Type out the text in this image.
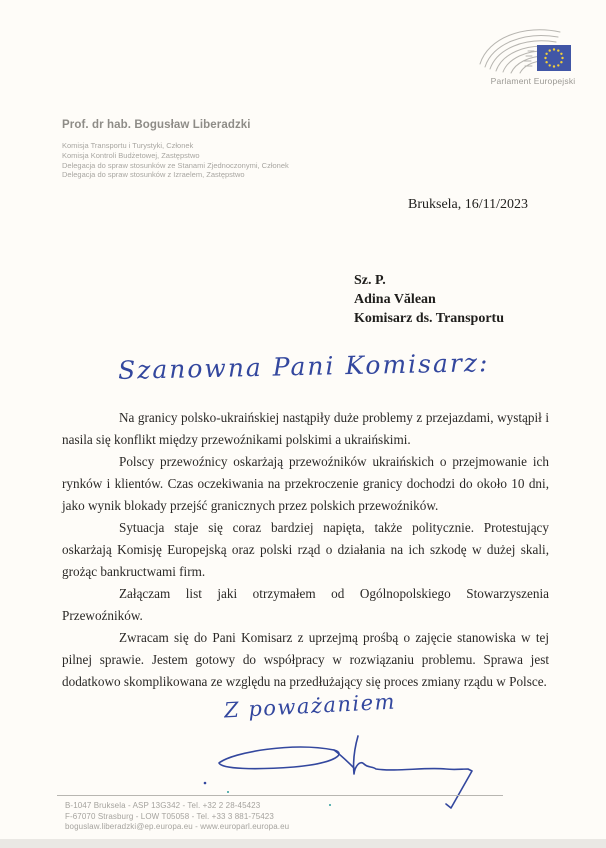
Parlament Europejski
Prof. dr hab. Bogusław Liberadzki
Komisja Transportu i Turystyki, Członek
Komisja Kontroli Budżetowej, Zastępstwo
Delegacja do spraw stosunków ze Stanami Zjednoczonymi, Członek
Delegacja do spraw stosunków z Izraelem, Zastępstwo
Bruksela, 16/11/2023
Sz. P.
Adina Vălean
Komisarz ds. Transportu
Szanowna Pani Komisarz:

Na granicy polsko-ukraińskiej nastąpiły duże problemy z przejazdami, wystąpił i nasila się konflikt między przewoźnikami polskimi a ukraińskimi.

Polscy przewoźnicy oskarżają przewoźników ukraińskich o przejmowanie ich rynków i klientów. Czas oczekiwania na przekroczenie granicy dochodzi do około 10 dni, jako wynik blokady przejść granicznych przez polskich przewoźników.

Sytuacja staje się coraz bardziej napięta, także politycznie. Protestujący oskarżają Komisję Europejską oraz polski rząd o działania na ich szkodę w dużej skali, grożąc bankructwami firm.

Załączam list jaki otrzymałem od Ogólnopolskiego Stowarzyszenia Przewoźników.

Zwracam się do Pani Komisarz z uprzejmą prośbą o zajęcie stanowiska w tej pilnej sprawie. Jestem gotowy do współpracy w rozwiązaniu problemu. Sprawa jest dodatkowo skomplikowana ze względu na przedłużający się proces zmiany rządu w Polsce.

Z poważaniem
B-1047 Bruksela - ASP 13G342 - Tel. +32 2 28-45423
F-67070 Strasburg - LOW T05058 - Tel. +33 3 881-75423
boguslaw.liberadzki@ep.europa.eu - www.europarl.europa.eu
